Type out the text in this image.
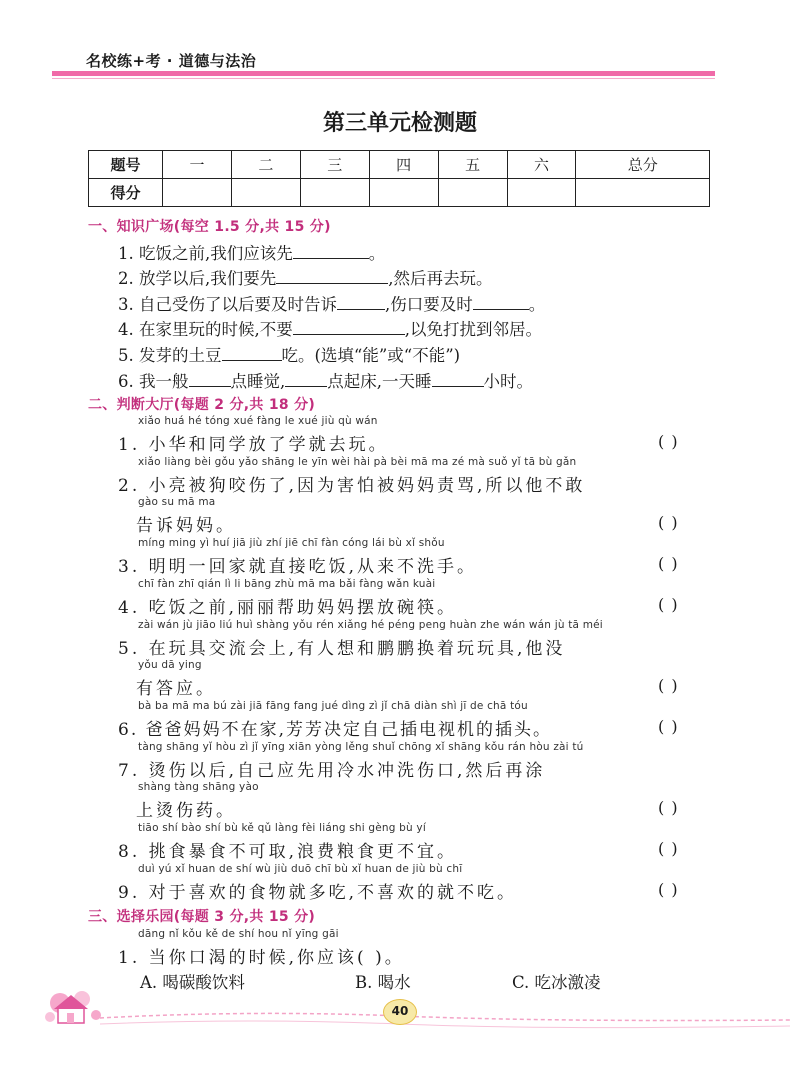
名校练+考 · 道德与法治
第三单元检测题
题号	一	二	三	四	五	六	总分
得分							
一、知识广场(每空 1.5 分,共 15 分)
1. 吃饭之前,我们应该先	。
2. 放学以后,我们要先	,然后再去玩。
3. 自己受伤了以后要及时告诉	,伤口要及时	。
4. 在家里玩的时候,不要	,以免打扰到邻居。
5. 发芽的土豆	吃。(选填“能”或“不能”)
6. 我一般	点睡觉,	点起床,一天睡	小时。
二、判断大厅(每题 2 分,共 18 分)
xiǎo huá hé tóng xué fàng le xué jiù qù wán
1. 小华和同学放了学就去玩。	( )
xiǎo liàng bèi gǒu yǎo shāng le yīn wèi hài pà bèi mā ma zé mà suǒ yǐ tā bù gǎn
2. 小亮被狗咬伤了,因为害怕被妈妈责骂,所以他不敢
gào su mā ma
告诉妈妈。	( )
míng ming yì huí jiā jiù zhí jiē chī fàn cóng lái bù xǐ shǒu
3. 明明一回家就直接吃饭,从来不洗手。	( )
chī fàn zhī qián lì li bāng zhù mā ma bǎi fàng wǎn kuài
4. 吃饭之前,丽丽帮助妈妈摆放碗筷。	( )
zài wán jù jiāo liú huì shàng yǒu rén xiǎng hé péng peng huàn zhe wán wán jù tā méi
5. 在玩具交流会上,有人想和鹏鹏换着玩玩具,他没
yǒu dā ying
有答应。	( )
bà ba mā ma bú zài jiā fāng fang jué dìng zì jǐ chā diàn shì jī de chā tóu
6. 爸爸妈妈不在家,芳芳决定自己插电视机的插头。	( )
tàng shāng yǐ hòu zì jǐ yīng xiān yòng lěng shuǐ chōng xǐ shāng kǒu rán hòu zài tú
7. 烫伤以后,自己应先用冷水冲洗伤口,然后再涂
shàng tàng shāng yào
上烫伤药。	( )
tiāo shí bào shí bù kě qǔ làng fèi liáng shi gèng bù yí
8. 挑食暴食不可取,浪费粮食更不宜。	( )
duì yú xǐ huan de shí wù jiù duō chī bù xǐ huan de jiù bù chī
9. 对于喜欢的食物就多吃,不喜欢的就不吃。	( )
三、选择乐园(每题 3 分,共 15 分)
dāng nǐ kǒu kě de shí hou nǐ yīng gāi
1. 当你口渴的时候,你应该( )。
A. 喝碳酸饮料	B. 喝水	C. 吃冰激凌
40
